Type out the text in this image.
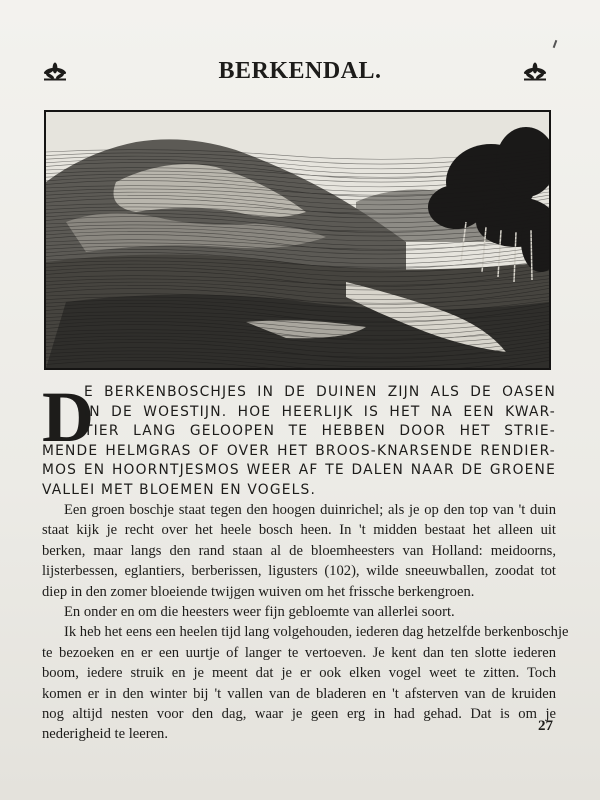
BERKENDAL.
D
E BERKENBOSCHJES IN DE DUINEN ZIJN ALS DE OASEN
IN DE WOESTIJN. HOE HEERLIJK IS HET NA EEN KWAR-
TIER LANG GELOOPEN TE HEBBEN DOOR HET STRIE-
MENDE HELMGRAS OF OVER HET BROOS-KNARSENDE RENDIER-
MOS EN HOORNTJESMOS WEER AF TE DALEN NAAR DE GROENE
VALLEI MET BLOEMEN EN VOGELS.
Een groen boschje staat tegen den hoogen duinrichel; als je op den top van 't duin
staat kijk je recht over het heele bosch heen. In 't midden bestaat het alleen uit
berken, maar langs den rand staan al de bloemheesters van Holland: meidoorns,
lijsterbessen, eglantiers, berberissen, ligusters (102), wilde sneeuwballen, zoodat tot
diep in den zomer bloeiende twijgen wuiven om het frissche berkengroen.
En onder en om die heesters weer fijn gebloemte van allerlei soort.
Ik heb het eens een heelen tijd lang volgehouden, iederen dag hetzelfde berkenboschje
te bezoeken en er een uurtje of langer te vertoeven. Je kent dan ten slotte iederen
boom, iedere struik en je meent dat je er ook elken vogel weet te zitten. Toch
komen er in den winter bij 't vallen van de bladeren en 't afsterven van de kruiden
nog altijd nesten voor den dag, waar je geen erg in had gehad. Dat is om je
nederigheid te leeren.
27
